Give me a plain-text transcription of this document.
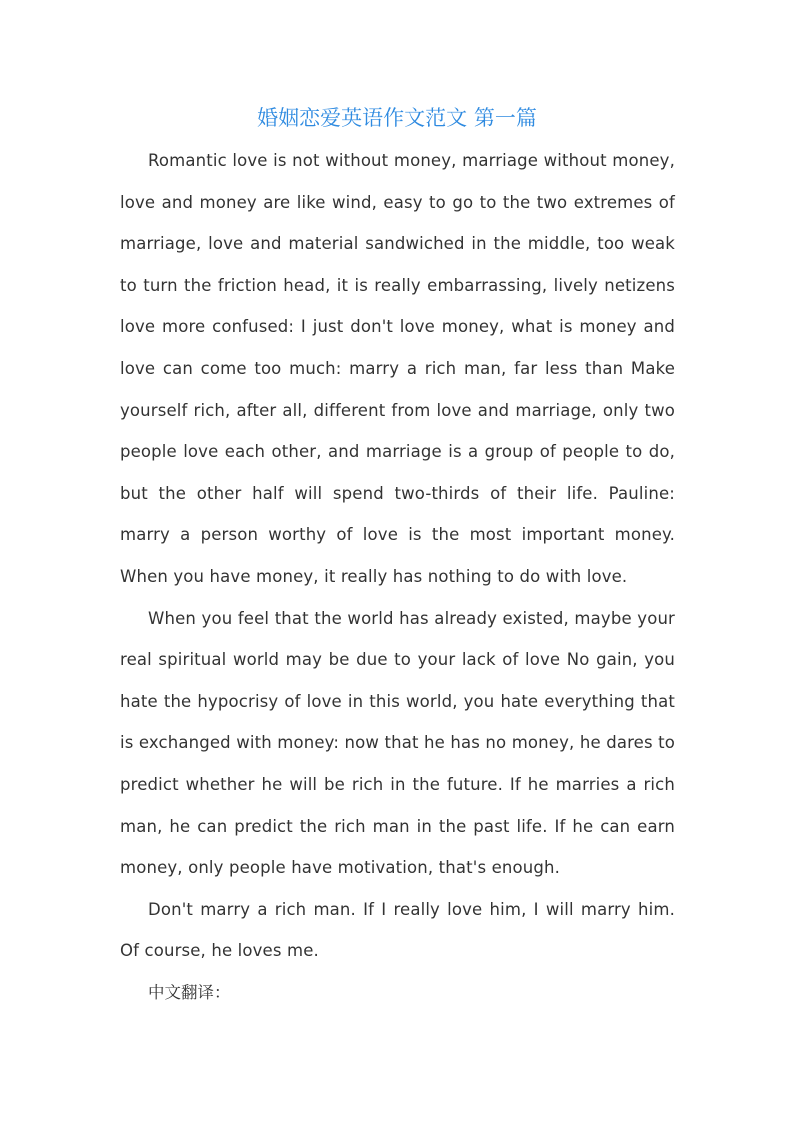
婚姻恋爱英语作文范文 第一篇

Romantic love is not without money, marriage without money, love and money are like wind, easy to go to the two extremes of marriage, love and material sandwiched in the middle, too weak to turn the friction head, it is really embarrassing, lively netizens love more confused: I just don't love money, what is money and love can come too much: marry a rich man, far less than Make yourself rich, after all, different from love and marriage, only two people love each other, and marriage is a group of people to do, but the other half will spend two-thirds of their life. Pauline: marry a person worthy of love is the most important money. When you have money, it really has nothing to do with love.

When you feel that the world has already existed, maybe your real spiritual world may be due to your lack of love No gain, you hate the hypocrisy of love in this world, you hate everything that is exchanged with money: now that he has no money, he dares to predict whether he will be rich in the future. If he marries a rich man, he can predict the rich man in the past life. If he can earn money, only people have motivation, that's enough.

Don't marry a rich man. If I really love him, I will marry him. Of course, he loves me.

中文翻译：
